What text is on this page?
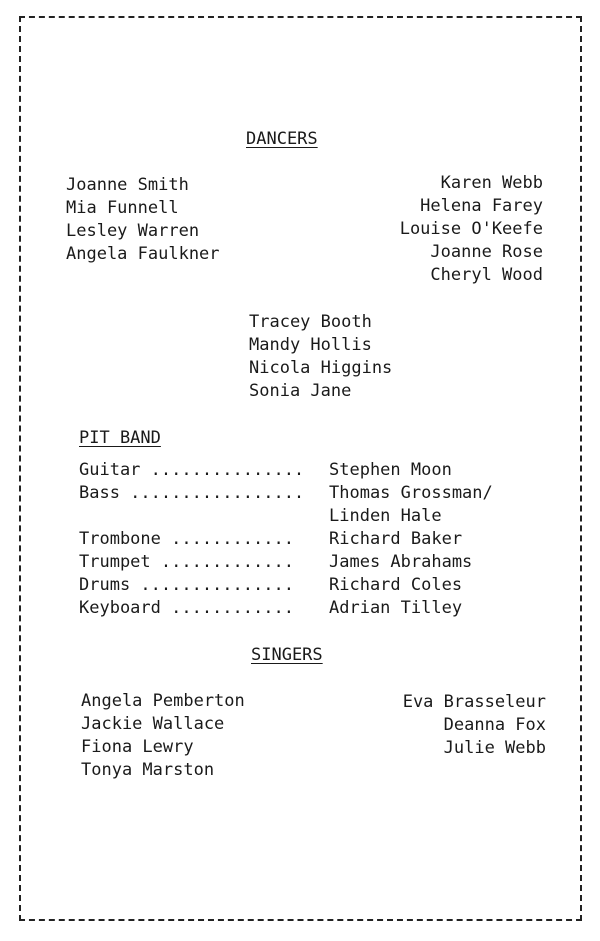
DANCERS
Joanne Smith
Mia Funnell
Lesley Warren
Angela Faulkner
Karen Webb
Helena Farey
Louise O'Keefe
Joanne Rose
Cheryl Wood
Tracey Booth
Mandy Hollis
Nicola Higgins
Sonia Jane
PIT BAND
Guitar ...............	Stephen Moon
Bass .................	Thomas Grossman/
Linden Hale
Trombone ............	Richard Baker
Trumpet .............	James Abrahams
Drums ...............	Richard Coles
Keyboard ............	Adrian Tilley
SINGERS
Angela Pemberton
Jackie Wallace
Fiona Lewry
Tonya Marston
Eva Brasseleur
Deanna Fox
Julie Webb
